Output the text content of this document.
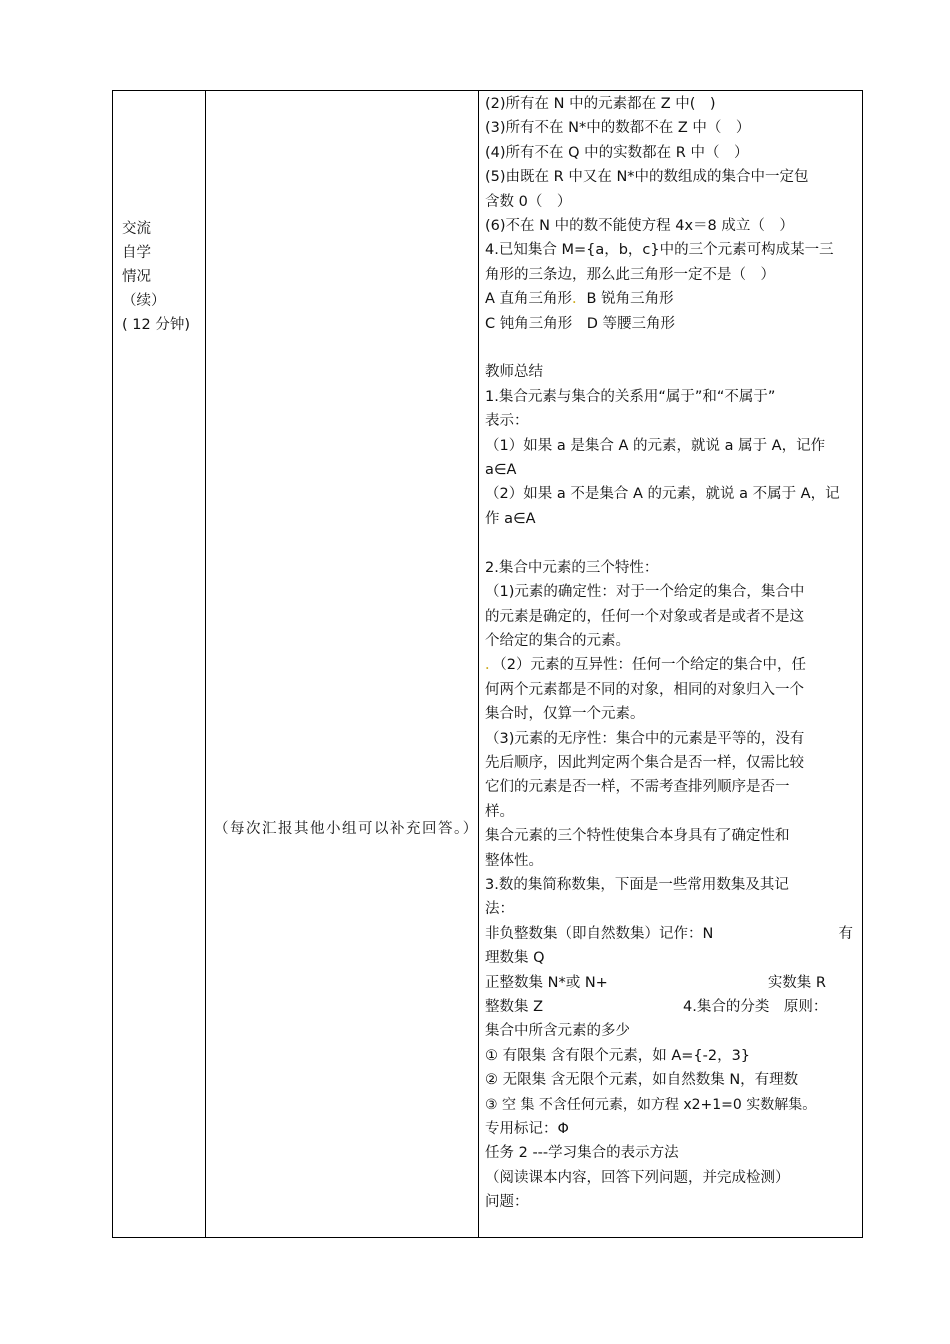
交流
自学
情况
（续）
( 12 分钟)
（每次汇报其他小组可以补充回答。）

(2)所有在 N 中的元素都在 Z 中(　)

(3)所有不在 N*中的数都不在 Z 中（　）

(4)所有不在 Q 中的实数都在 R 中（　）

(5)由既在 R 中又在 N*中的数组成的集合中一定包

含数 0（　）

(6)不在 N 中的数不能使方程 4x＝8 成立（　）

4.已知集合 M={a，b，c}中的三个元素可构成某一三

角形的三条边，那么此三角形一定不是（　）

A 直角三角形．B 锐角三角形

C 钝角三角形　D 等腰三角形

教师总结

1.集合元素与集合的关系用“属于”和“不属于”

表示：

（1）如果 a 是集合 A 的元素，就说 a 属于 A，记作

a∈A

（2）如果 a 不是集合 A 的元素，就说 a 不属于 A，记

作 a∈A

2.集合中元素的三个特性：

（1)元素的确定性：对于一个给定的集合，集合中

的元素是确定的，任何一个对象或者是或者不是这

个给定的集合的元素。

．（2）元素的互异性：任何一个给定的集合中，任

何两个元素都是不同的对象，相同的对象归入一个

集合时，仅算一个元素。

（3)元素的无序性：集合中的元素是平等的，没有

先后顺序，因此判定两个集合是否一样，仅需比较

它们的元素是否一样，不需考查排列顺序是否一

样。

集合元素的三个特性使集合本身具有了确定性和

整体性。

3.数的集简称数集，下面是一些常用数集及其记

法：

非负整数集（即自然数集）记作：N	有

理数集 Q

正整数集 N*或 N+	实数集 R

整数集 Z	4.集合的分类　原则：

集合中所含元素的多少

① 有限集 含有限个元素，如 A={-2，3}

② 无限集 含无限个元素，如自然数集 N，有理数

③ 空 集 不含任何元素，如方程 x2+1=0 实数解集。

专用标记：Φ

任务 2 ---学习集合的表示方法

（阅读课本内容，回答下列问题，并完成检测）

问题：
